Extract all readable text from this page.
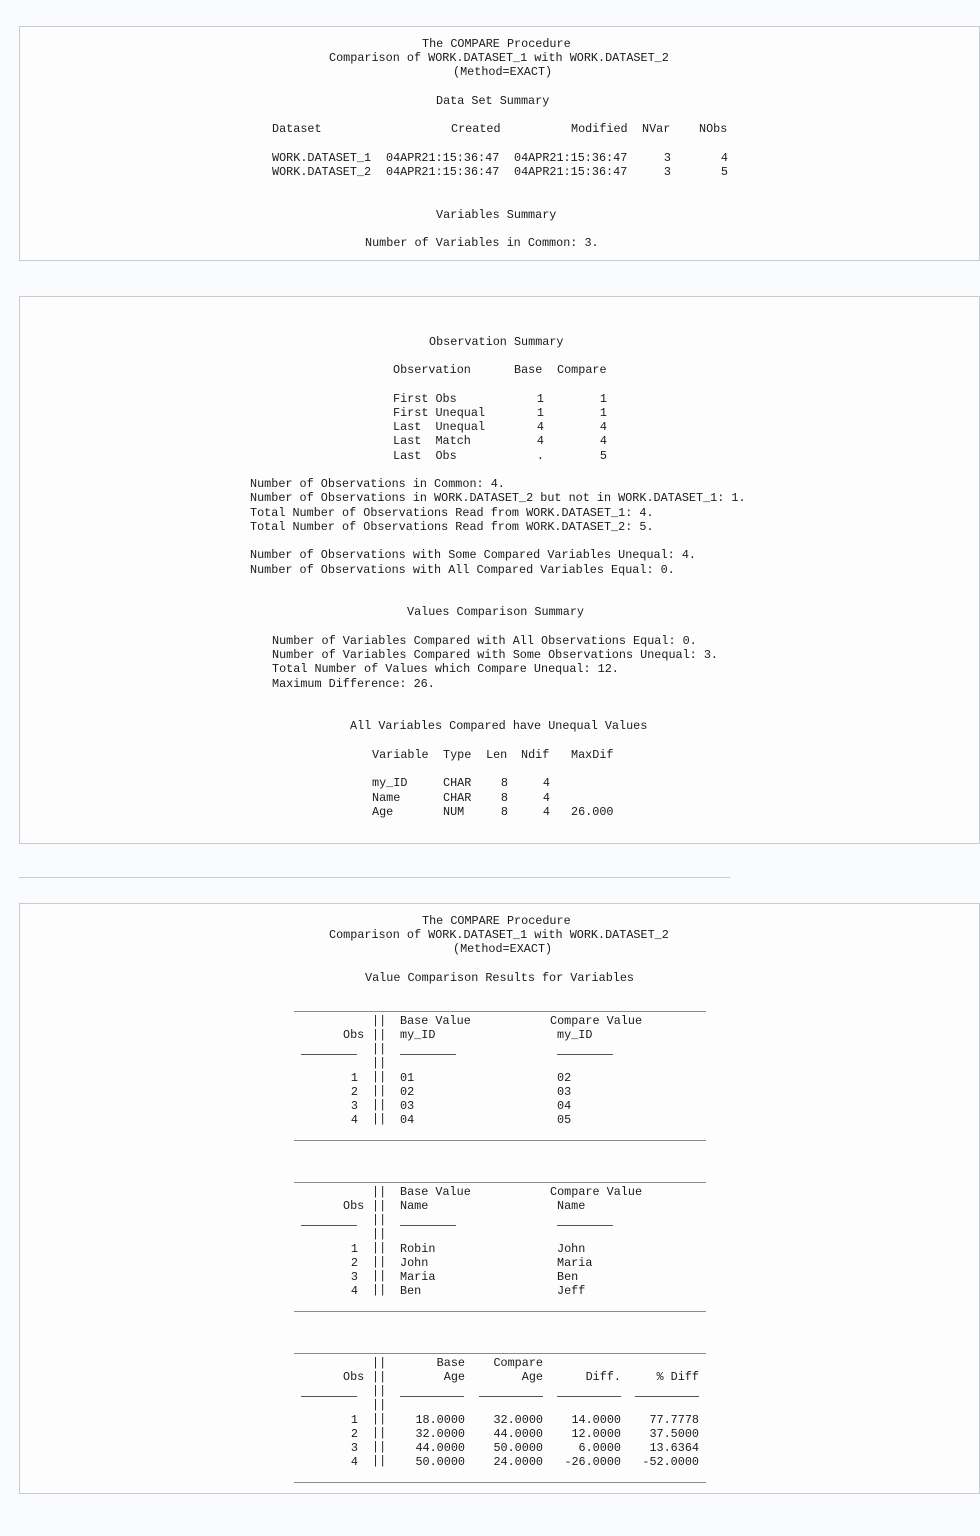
The COMPARE Procedure
Comparison of WORK.DATASET_1 with WORK.DATASET_2
(Method=EXACT)
Data Set Summary
Dataset	Created	Modified NVar NObs
WORK.DATASET_1 04APR21:15:36:47 04APR21:15:36:47	3	4
WORK.DATASET_2 04APR21:15:36:47 04APR21:15:36:47	3	5
Variables Summary
Number of Variables in Common: 3.
Observation Summary
Observation	Base Compare
First Obs	1	1
First Unequal	1	1
Last  Unequal	4	4
Last  Match	4	4
Last  Obs	.	5
Number of Observations in Common: 4.
Number of Observations in WORK.DATASET_2 but not in WORK.DATASET_1: 1.
Total Number of Observations Read from WORK.DATASET_1: 4.
Total Number of Observations Read from WORK.DATASET_2: 5.
Number of Observations with Some Compared Variables Unequal: 4.
Number of Observations with All Compared Variables Equal: 0.
Values Comparison Summary
Number of Variables Compared with All Observations Equal: 0.
Number of Variables Compared with Some Observations Unequal: 3.
Total Number of Values which Compare Unequal: 12.
Maximum Difference: 26.
All Variables Compared have Unequal Values
Variable Type Len Ndif MaxDif
my_ID	CHAR	8	4
Name	CHAR	8	4
Age	NUM	8	4 26.000
The COMPARE Procedure
Comparison of WORK.DATASET_1 with WORK.DATASET_2
(Method=EXACT)
Value Comparison Results for Variables
||
||
||
||
||
||
||
||
Base Value	Compare Value
Obs	my_ID	my_ID
1	01	02
2	02	03
3	03	04
4	04	05
||
||
||
||
||
||
||
||
Base Value	Compare Value
Obs	Name	Name
1	Robin	John
2	John	Maria
3	Maria	Ben
4	Ben	Jeff
||
||
||
||
||
||
||
||
Base	Compare
Obs	Age	Age	Diff.	% Diff
1	18.0000	32.0000	14.0000	77.7778
2	32.0000	44.0000	12.0000	37.5000
3	44.0000	50.0000	6.0000	13.6364
4	50.0000	24.0000	-26.0000	-52.0000
